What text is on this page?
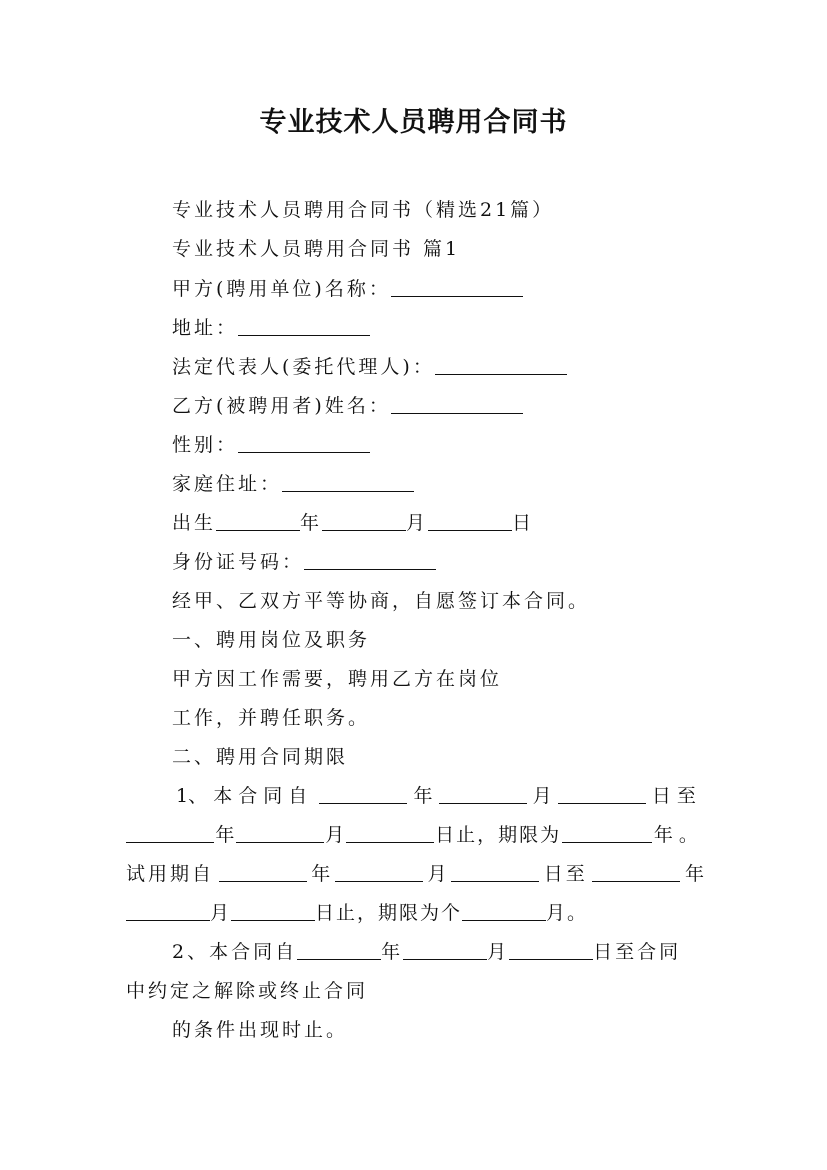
专业技术人员聘用合同书
专业技术人员聘用合同书（精选21篇）
专业技术人员聘用合同书 篇1
甲方(聘用单位)名称：
地址：
法定代表人(委托代理人)：
乙方(被聘用者)姓名：
性别：
家庭住址：
出生	年	月	日
身份证号码：
经甲、乙双方平等协商，自愿签订本合同。
一、聘用岗位及职务
甲方因工作需要，聘用乙方在岗位
工作，并聘任职务。
二、聘用合同期限
1、 本合同自	年	月	日至
年	月	日止，期限为	年。
试用期自	年	月	日至	年
月	日止，期限为个	月。
2、本合同自	年	月	日至合同
中约定之解除或终止合同
的条件出现时止。
